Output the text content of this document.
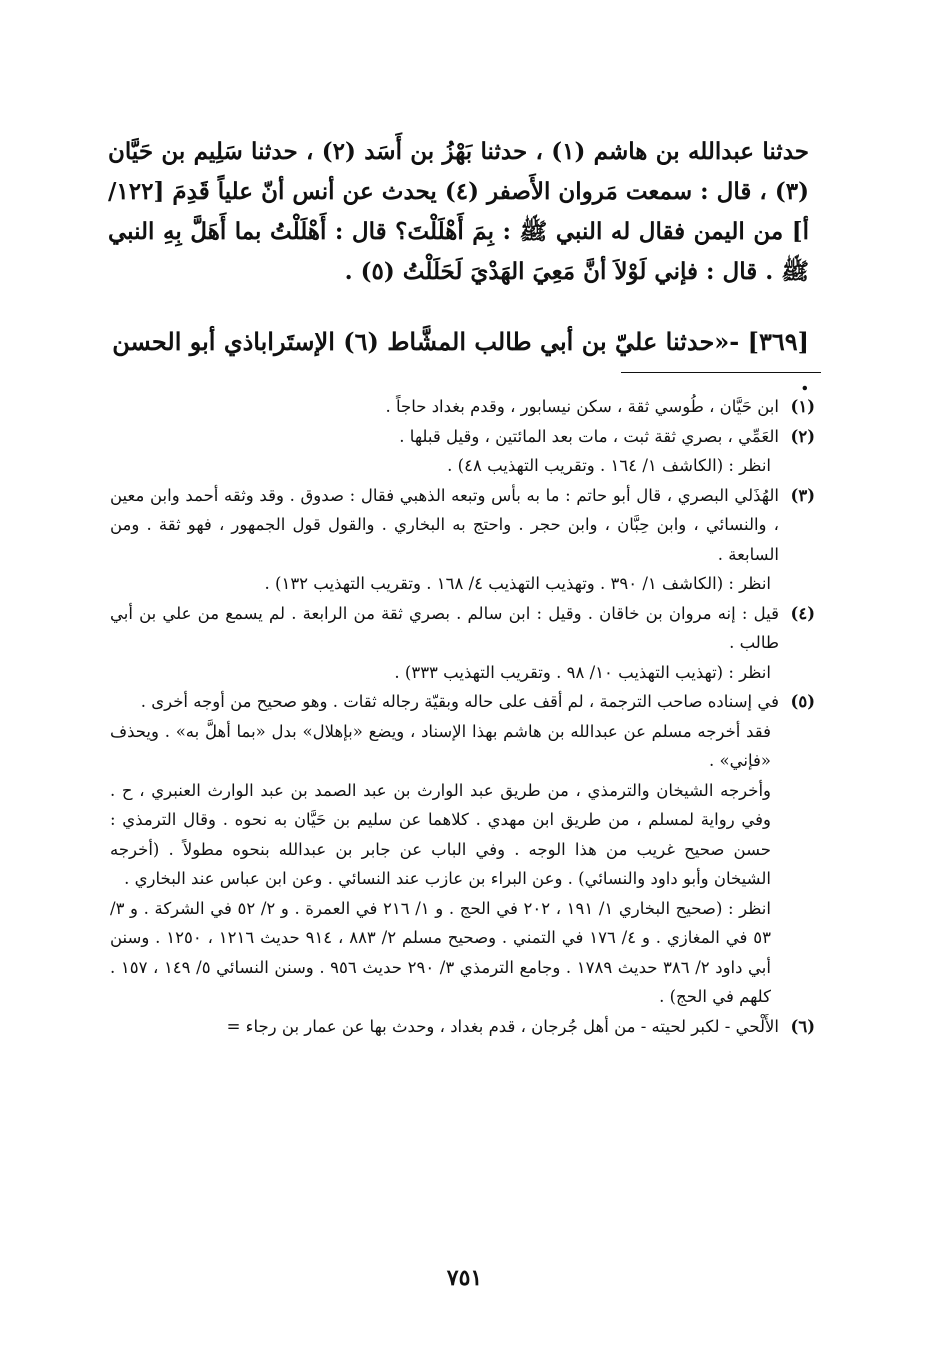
حدثنا عبدالله بن هاشم (١) ، حدثنا بَهْزُ بن أَسَد (٢) ، حدثنا سَلِيم بن حَيَّان (٣) ، قال : سمعت مَروان الأَصفر (٤) يحدث عن أنس أنّ علياً قَدِمَ [١٢٢/ أ] من اليمن فقال له النبي ﷺ : بِمَ أَهْلَلْتَ؟ قال : أَهْلَلْتُ بما أَهَلَّ بِهِ النبي ﷺ . قال : فإني لَوْلاَ أنَّ مَعِيَ الهَدْيَ لَحَلَلْتُ (٥) .

[٣٦٩] -«حدثنا عليّ بن أبي طالب المشَّاط (٦) الإستَراباذي أبو الحسن .
(١)

ابن حَيَّان ، طُوسي ثقة ، سكن نيسابور ، وقدم بغداد حاجاً .

(٢)

العَمِّي ، بصري ثقة ثبت ، مات بعد المائتين ، وقيل قبلها .

انظر : (الكاشف ١/ ١٦٤ . وتقريب التهذيب ٤٨) .

(٣)

الهُذَلي البصري ، قال أبو حاتم : ما به بأس وتبعه الذهبي فقال : صدوق . وقد وثقه أحمد وابن معين ، والنسائي ، وابن حِبَّان ، وابن حجر . واحتج به البخاري . والقول قول الجمهور ، فهو ثقة . ومن السابعة .

انظر : (الكاشف ١/ ٣٩٠ . وتهذيب التهذيب ٤/ ١٦٨ . وتقريب التهذيب ١٣٢) .

(٤)

قيل : إنه مروان بن خاقان . وقيل : ابن سالم . بصري ثقة من الرابعة . لم يسمع من علي بن أبي طالب .

انظر : (تهذيب التهذيب ١٠/ ٩٨ . وتقريب التهذيب ٣٣٣) .

(٥)

في إسناده صاحب الترجمة ، لم أقف على حاله وبقيّة رجاله ثقات . وهو صحيح من أوجه أخرى .

فقد أخرجه مسلم عن عبدالله بن هاشم بهذا الإسناد ، ويضع «بإهلال» بدل «بما أهلَّ به» . ويحذف «فإني» .

وأخرجه الشيخان والترمذي ، من طريق عبد الوارث بن عبد الصمد بن عبد الوارث العنبري ، ح . وفي رواية لمسلم ، من طريق ابن مهدي . كلاهما عن سليم بن حَيَّان به نحوه . وقال الترمذي : حسن صحيح غريب من هذا الوجه . وفي الباب عن جابر بن عبدالله بنحوه مطولاً . (أخرجه الشيخان وأبو داود والنسائي) . وعن البراء بن عازب عند النسائي . وعن ابن عباس عند البخاري .

انظر : (صحيح البخاري ١/ ١٩١ ، ٢٠٢ في الحج . و ١/ ٢١٦ في العمرة . و ٢/ ٥٢ في الشركة . و ٣/ ٥٣ في المغازي . و ٤/ ١٧٦ في التمني . وصحيح مسلم ٢/ ٨٨٣ ، ٩١٤ حديث ١٢١٦ ، ١٢٥٠ . وسنن أبي داود ٢/ ٣٨٦ حديث ١٧٨٩ . وجامع الترمذي ٣/ ٢٩٠ حديث ٩٥٦ . وسنن النسائي ٥/ ١٤٩ ، ١٥٧ . كلهم في الحج) .

(٦)

الأَلْحي - لكبر لحيته - من أهل جُرجان ، قدم بغداد ، وحدث بها عن عمار بن رجاء =

٧٥١
